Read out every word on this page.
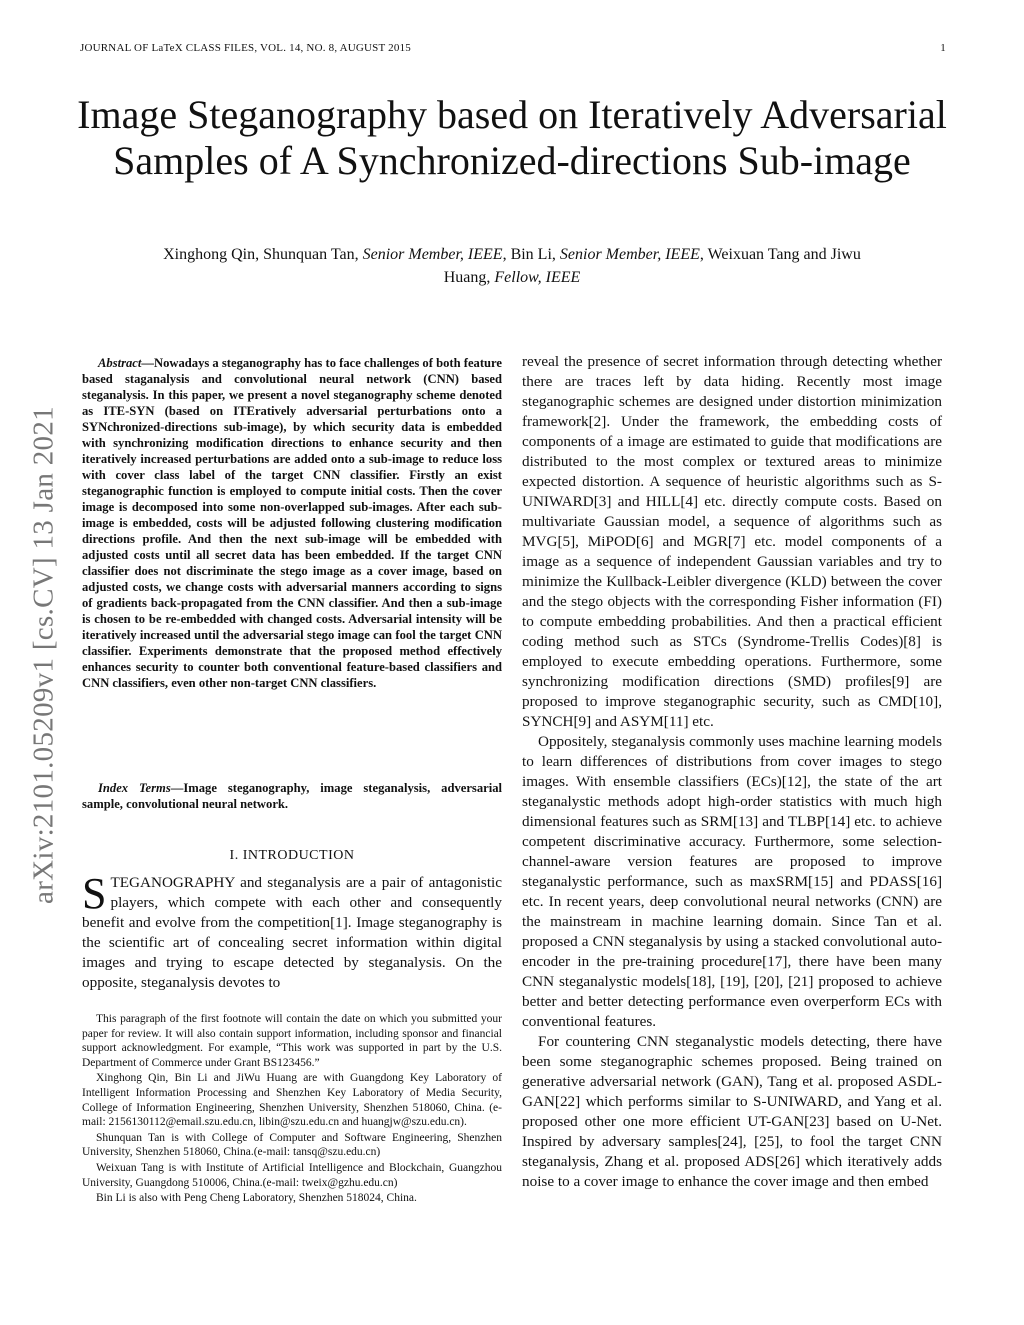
JOURNAL OF LaTeX CLASS FILES, VOL. 14, NO. 8, AUGUST 2015	1
Image Steganography based on Iteratively Adversarial Samples of A Synchronized-directions Sub-image
Xinghong Qin, Shunquan Tan, Senior Member, IEEE, Bin Li, Senior Member, IEEE, Weixuan Tang and Jiwu
Huang, Fellow, IEEE
arXiv:2101.05209v1 [cs.CV] 13 Jan 2021

Abstract—Nowadays a steganography has to face challenges of both feature based staganalysis and convolutional neural network (CNN) based steganalysis. In this paper, we present a novel steganography scheme denoted as ITE-SYN (based on ITEratively adversarial perturbations onto a SYNchronized-directions sub-image), by which security data is embedded with synchronizing modification directions to enhance security and then iteratively increased perturbations are added onto a sub-image to reduce loss with cover class label of the target CNN classifier. Firstly an exist steganographic function is employed to compute initial costs. Then the cover image is decomposed into some non-overlapped sub-images. After each sub-image is embedded, costs will be adjusted following clustering modification directions profile. And then the next sub-image will be embedded with adjusted costs until all secret data has been embedded. If the target CNN classifier does not discriminate the stego image as a cover image, based on adjusted costs, we change costs with adversarial manners according to signs of gradients back-propagated from the CNN classifier. And then a sub-image is chosen to be re-embedded with changed costs. Adversarial intensity will be iteratively increased until the adversarial stego image can fool the target CNN classifier. Experiments demonstrate that the proposed method effectively enhances security to counter both conventional feature-based classifiers and CNN classifiers, even other non-target CNN classifiers.

Index Terms—Image steganography, image steganalysis, adversarial sample, convolutional neural network.

I. INTRODUCTION

STEGANOGRAPHY and steganalysis are a pair of antagonistic players, which compete with each other and consequently benefit and evolve from the competition[1]. Image steganography is the scientific art of concealing secret information within digital images and trying to escape detected by steganalysis. On the opposite, steganalysis devotes to

This paragraph of the first footnote will contain the date on which you submitted your paper for review. It will also contain support information, including sponsor and financial support acknowledgment. For example, “This work was supported in part by the U.S. Department of Commerce under Grant BS123456.”

Xinghong Qin, Bin Li and JiWu Huang are with Guangdong Key Laboratory of Intelligent Information Processing and Shenzhen Key Laboratory of Media Security, College of Information Engineering, Shenzhen University, Shenzhen 518060, China. (e-mail: 2156130112@email.szu.edu.cn, libin@szu.edu.cn and huangjw@szu.edu.cn).

Shunquan Tan is with College of Computer and Software Engineering, Shenzhen University, Shenzhen 518060, China.(e-mail: tansq@szu.edu.cn)

Weixuan Tang is with Institute of Artificial Intelligence and Blockchain, Guangzhou University, Guangdong 510006, China.(e-mail: tweix@gzhu.edu.cn)

Bin Li is also with Peng Cheng Laboratory, Shenzhen 518024, China.

reveal the presence of secret information through detecting whether there are traces left by data hiding. Recently most image steganographic schemes are designed under distortion minimization framework[2]. Under the framework, the embedding costs of components of a image are estimated to guide that modifications are distributed to the most complex or textured areas to minimize expected distortion. A sequence of heuristic algorithms such as S-UNIWARD[3] and HILL[4] etc. directly compute costs. Based on multivariate Gaussian model, a sequence of algorithms such as MVG[5], MiPOD[6] and MGR[7] etc. model components of a image as a sequence of independent Gaussian variables and try to minimize the Kullback-Leibler divergence (KLD) between the cover and the stego objects with the corresponding Fisher information (FI) to compute embedding probabilities. And then a practical efficient coding method such as STCs (Syndrome-Trellis Codes)[8] is employed to execute embedding operations. Furthermore, some synchronizing modification directions (SMD) profiles[9] are proposed to improve steganographic security, such as CMD[10], SYNCH[9] and ASYM[11] etc.

Oppositely, steganalysis commonly uses machine learning models to learn differences of distributions from cover images to stego images. With ensemble classifiers (ECs)[12], the state of the art steganalystic methods adopt high-order statistics with much high dimensional features such as SRM[13] and TLBP[14] etc. to achieve competent discriminative accuracy. Furthermore, some selection-channel-aware version features are proposed to improve steganalystic performance, such as maxSRM[15] and PDASS[16] etc. In recent years, deep convolutional neural networks (CNN) are the mainstream in machine learning domain. Since Tan et al. proposed a CNN steganalysis by using a stacked convolutional auto-encoder in the pre-training procedure[17], there have been many CNN steganalystic models[18], [19], [20], [21] proposed to achieve better and better detecting performance even overperform ECs with conventional features.

For countering CNN steganalystic models detecting, there have been some steganographic schemes proposed. Being trained on generative adversarial network (GAN), Tang et al. proposed ASDL-GAN[22] which performs similar to S-UNIWARD, and Yang et al. proposed other one more efficient UT-GAN[23] based on U-Net. Inspired by adversary samples[24], [25], to fool the target CNN steganalysis, Zhang et al. proposed ADS[26] which iteratively adds noise to a cover image to enhance the cover image and then embed
